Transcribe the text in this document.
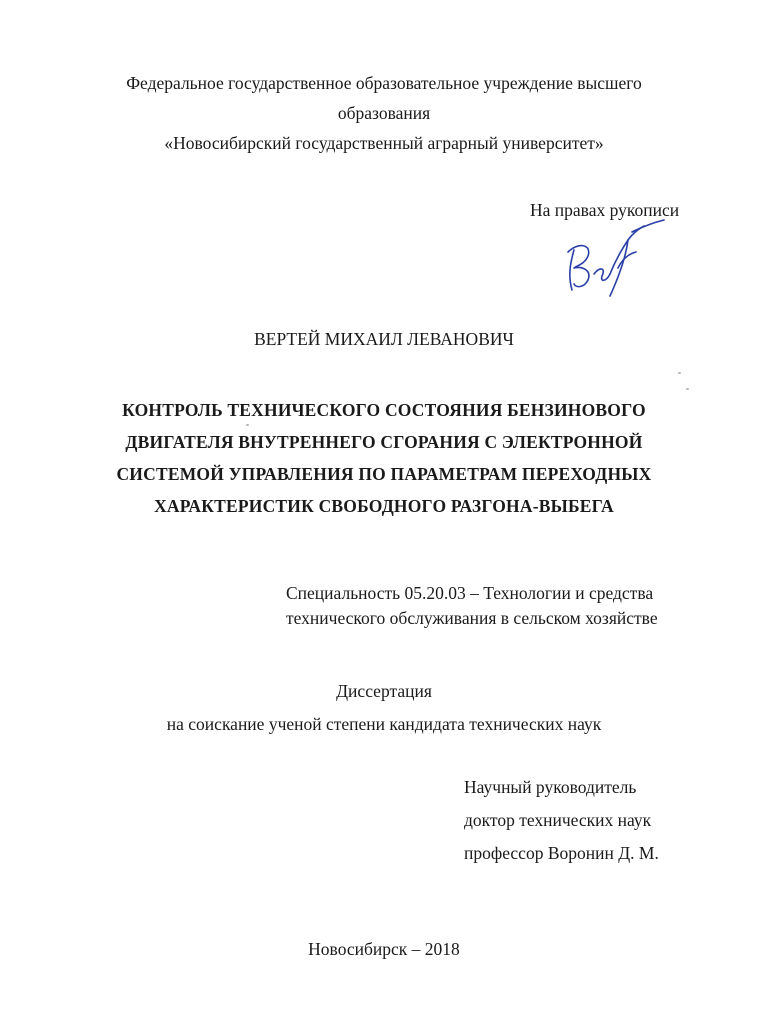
Федеральное государственное образовательное учреждение высшего
образования
«Новосибирский государственный аграрный университет»
На правах рукописи
ВЕРТЕЙ МИХАИЛ ЛЕВАНОВИЧ
КОНТРОЛЬ ТЕХНИЧЕСКОГО СОСТОЯНИЯ БЕНЗИНОВОГО
ДВИГАТЕЛЯ ВНУТРЕННЕГО СГОРАНИЯ С ЭЛЕКТРОННОЙ
СИСТЕМОЙ УПРАВЛЕНИЯ ПО ПАРАМЕТРАМ ПЕРЕХОДНЫХ
ХАРАКТЕРИСТИК СВОБОДНОГО РАЗГОНА-ВЫБЕГА
Специальность 05.20.03 – Технологии и средства
технического обслуживания в сельском хозяйстве
Диссертация
на соискание ученой степени кандидата технических наук
Научный руководитель
доктор технических наук
профессор Воронин Д. М.
Новосибирск – 2018
